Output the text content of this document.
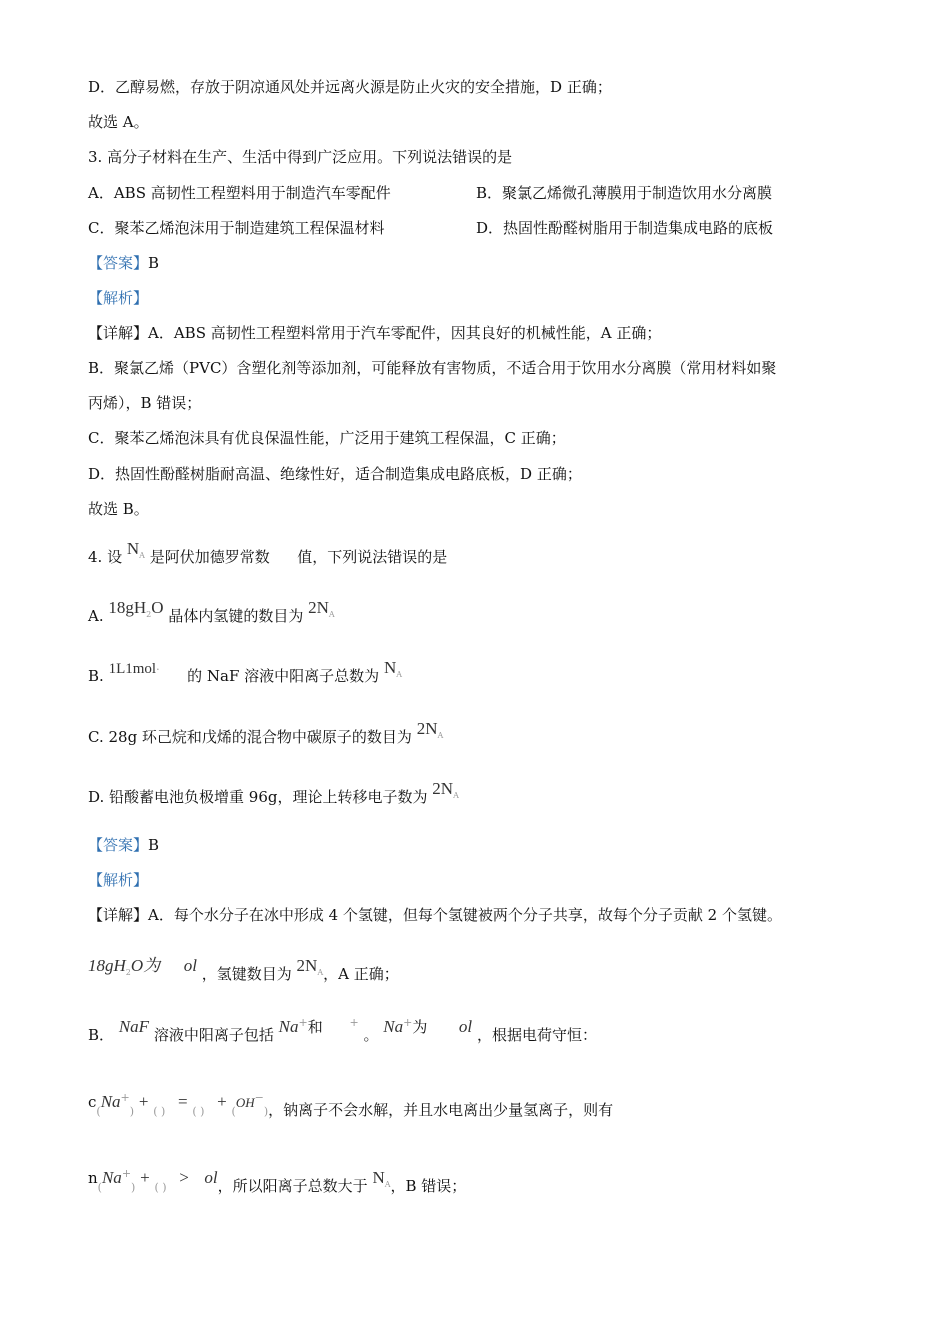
D．乙醇易燃，存放于阴凉通风处并远离火源是防止火灾的安全措施，D 正确；
故选 A。
3. 高分子材料在生产、生活中得到广泛应用。下列说法错误的是
A．ABS 高韧性工程塑料用于制造汽车零配件	B．聚氯乙烯微孔薄膜用于制造饮用水分离膜
C．聚苯乙烯泡沫用于制造建筑工程保温材料	D．热固性酚醛树脂用于制造集成电路的底板
【答案】B
【解析】
【详解】A．ABS 高韧性工程塑料常用于汽车零配件，因其良好的机械性能，A 正确；
B．聚氯乙烯（PVC）含塑化剂等添加剂，可能释放有害物质，不适合用于饮用水分离膜（常用材料如聚
丙烯），B 错误；
C．聚苯乙烯泡沫具有优良保温性能，广泛用于建筑工程保温，C 正确；
D．热固性酚醛树脂耐高温、绝缘性好，适合制造集成电路底板，D 正确；
故选 B。
4. 设 $N^A$ 是阿伏加德罗常数 值，下列说法错误的是
A. $18gH^2O$ 晶体内氢键的数目为 $2N^A$
B. 1L1mol· 的 NaF 溶液中阳离子总数为 $N^A$
C. 28g 环己烷和戊烯的混合物中碳原子的数目为 $2N^A$
D. 铅酸蓄电池负极增重 96g，理论上转移电子数为 $2N^A$
【答案】B
【解析】
【详解】A．每个水分子在冰中形成 4 个氢键，但每个氢键被两个分子共享，故每个分子贡献 2 个氢键。
$18gH^2O$为 ol ，氢键数目为 $2N^A$，A 正确；
B． NaF 溶液中阳离子包括 Na+和 + 。 Na+为 ol ，根据电荷守恒：
c(Na+) + ( ) = ( ) + (OH−)，钠离子不会水解，并且水电离出少量氢离子，则有
n(Na+) + ( ) > ol，所以阳离子总数大于 $N^A$，B 错误；
